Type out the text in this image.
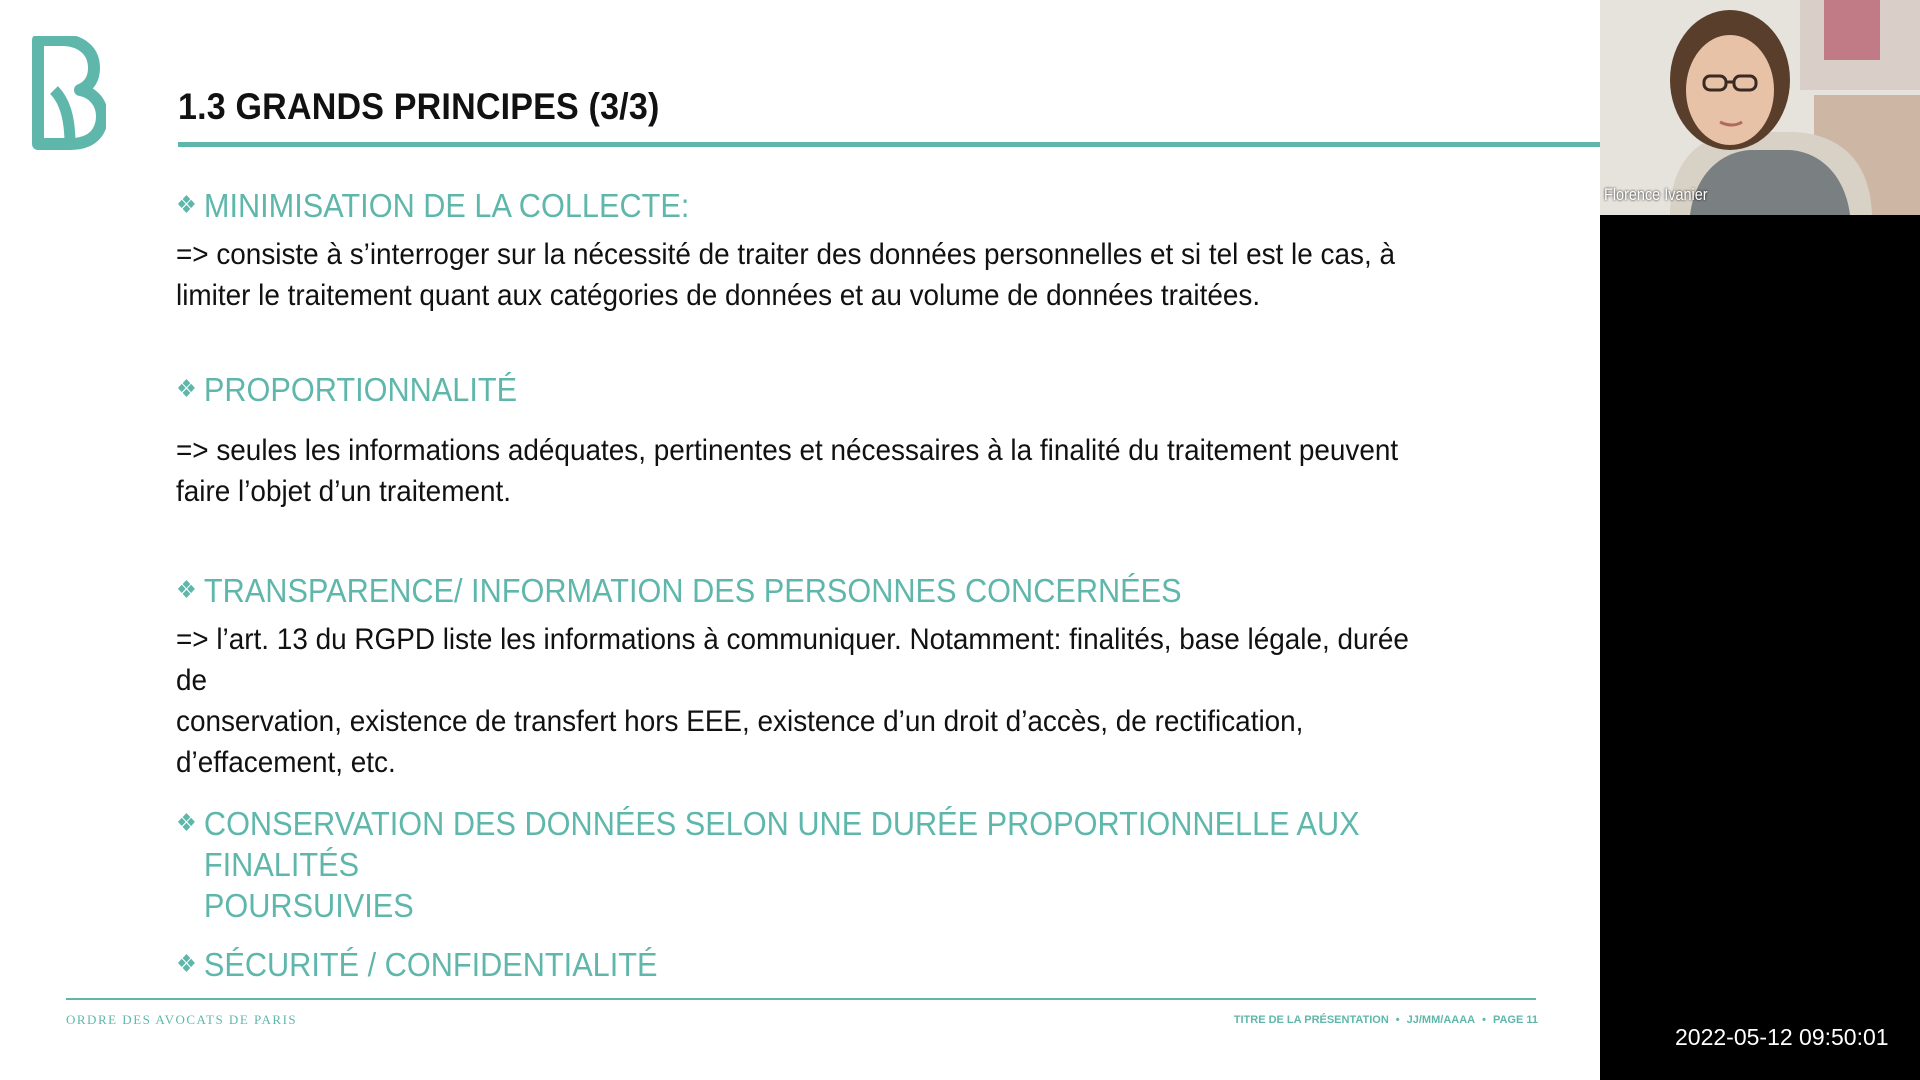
1.3 GRANDS PRINCIPES (3/3)
❖ MINIMISATION DE LA COLLECTE:
=> consiste à s’interroger sur la nécessité de traiter des données personnelles et si tel est le cas, à
limiter le traitement quant aux catégories de données et au volume de données traitées.
❖ PROPORTIONNALITÉ
=> seules les informations adéquates, pertinentes et nécessaires à la finalité du traitement peuvent
faire l’objet d’un traitement.
❖ TRANSPARENCE/ INFORMATION DES PERSONNES CONCERNÉES
=> l’art. 13 du RGPD liste les informations à communiquer. Notamment: finalités, base légale, durée de
conservation, existence de transfert hors EEE, existence d’un droit d’accès, de rectification,
d’effacement, etc.
❖ CONSERVATION DES DONNÉES SELON UNE DURÉE PROPORTIONNELLE AUX FINALITÉS
POURSUIVIES
❖ SÉCURITÉ / CONFIDENTIALITÉ
ORDRE DES AVOCATS DE PARIS	TITRE DE LA PRÉSENTATION • JJ/MM/AAAA • PAGE 11
Florence Ivanier
2022-05-12 09:50:01
